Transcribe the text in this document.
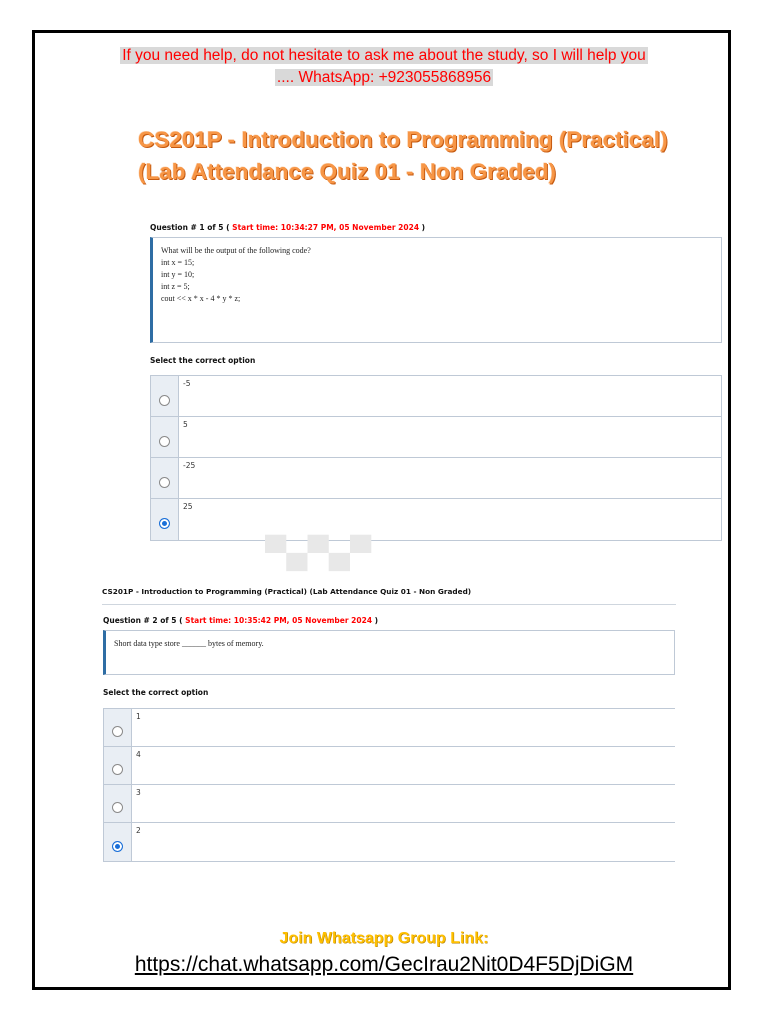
If you need help, do not hesitate to ask me about the study, so I will help you
.... WhatsApp: +923055868956
CS201P - Introduction to Programming (Practical)
(Lab Attendance Quiz 01 - Non Graded)
Question # 1 of 5 ( Start time: 10:34:27 PM, 05 November 2024 )
What will be the output of the following code?
int x = 15;
int y = 10;
int z = 5;
cout << x * x - 4 * y * z;
Select the correct option
-5
5
-25
25
▀▄▀▄▀
CS201P - Introduction to Programming (Practical) (Lab Attendance Quiz 01 - Non Graded)
Question # 2 of 5 ( Start time: 10:35:42 PM, 05 November 2024 )
Short data type store ______ bytes of memory.
Select the correct option
1
4
3
2
Join Whatsapp Group Link:
https://chat.whatsapp.com/GecIrau2Nit0D4F5DjDiGM
